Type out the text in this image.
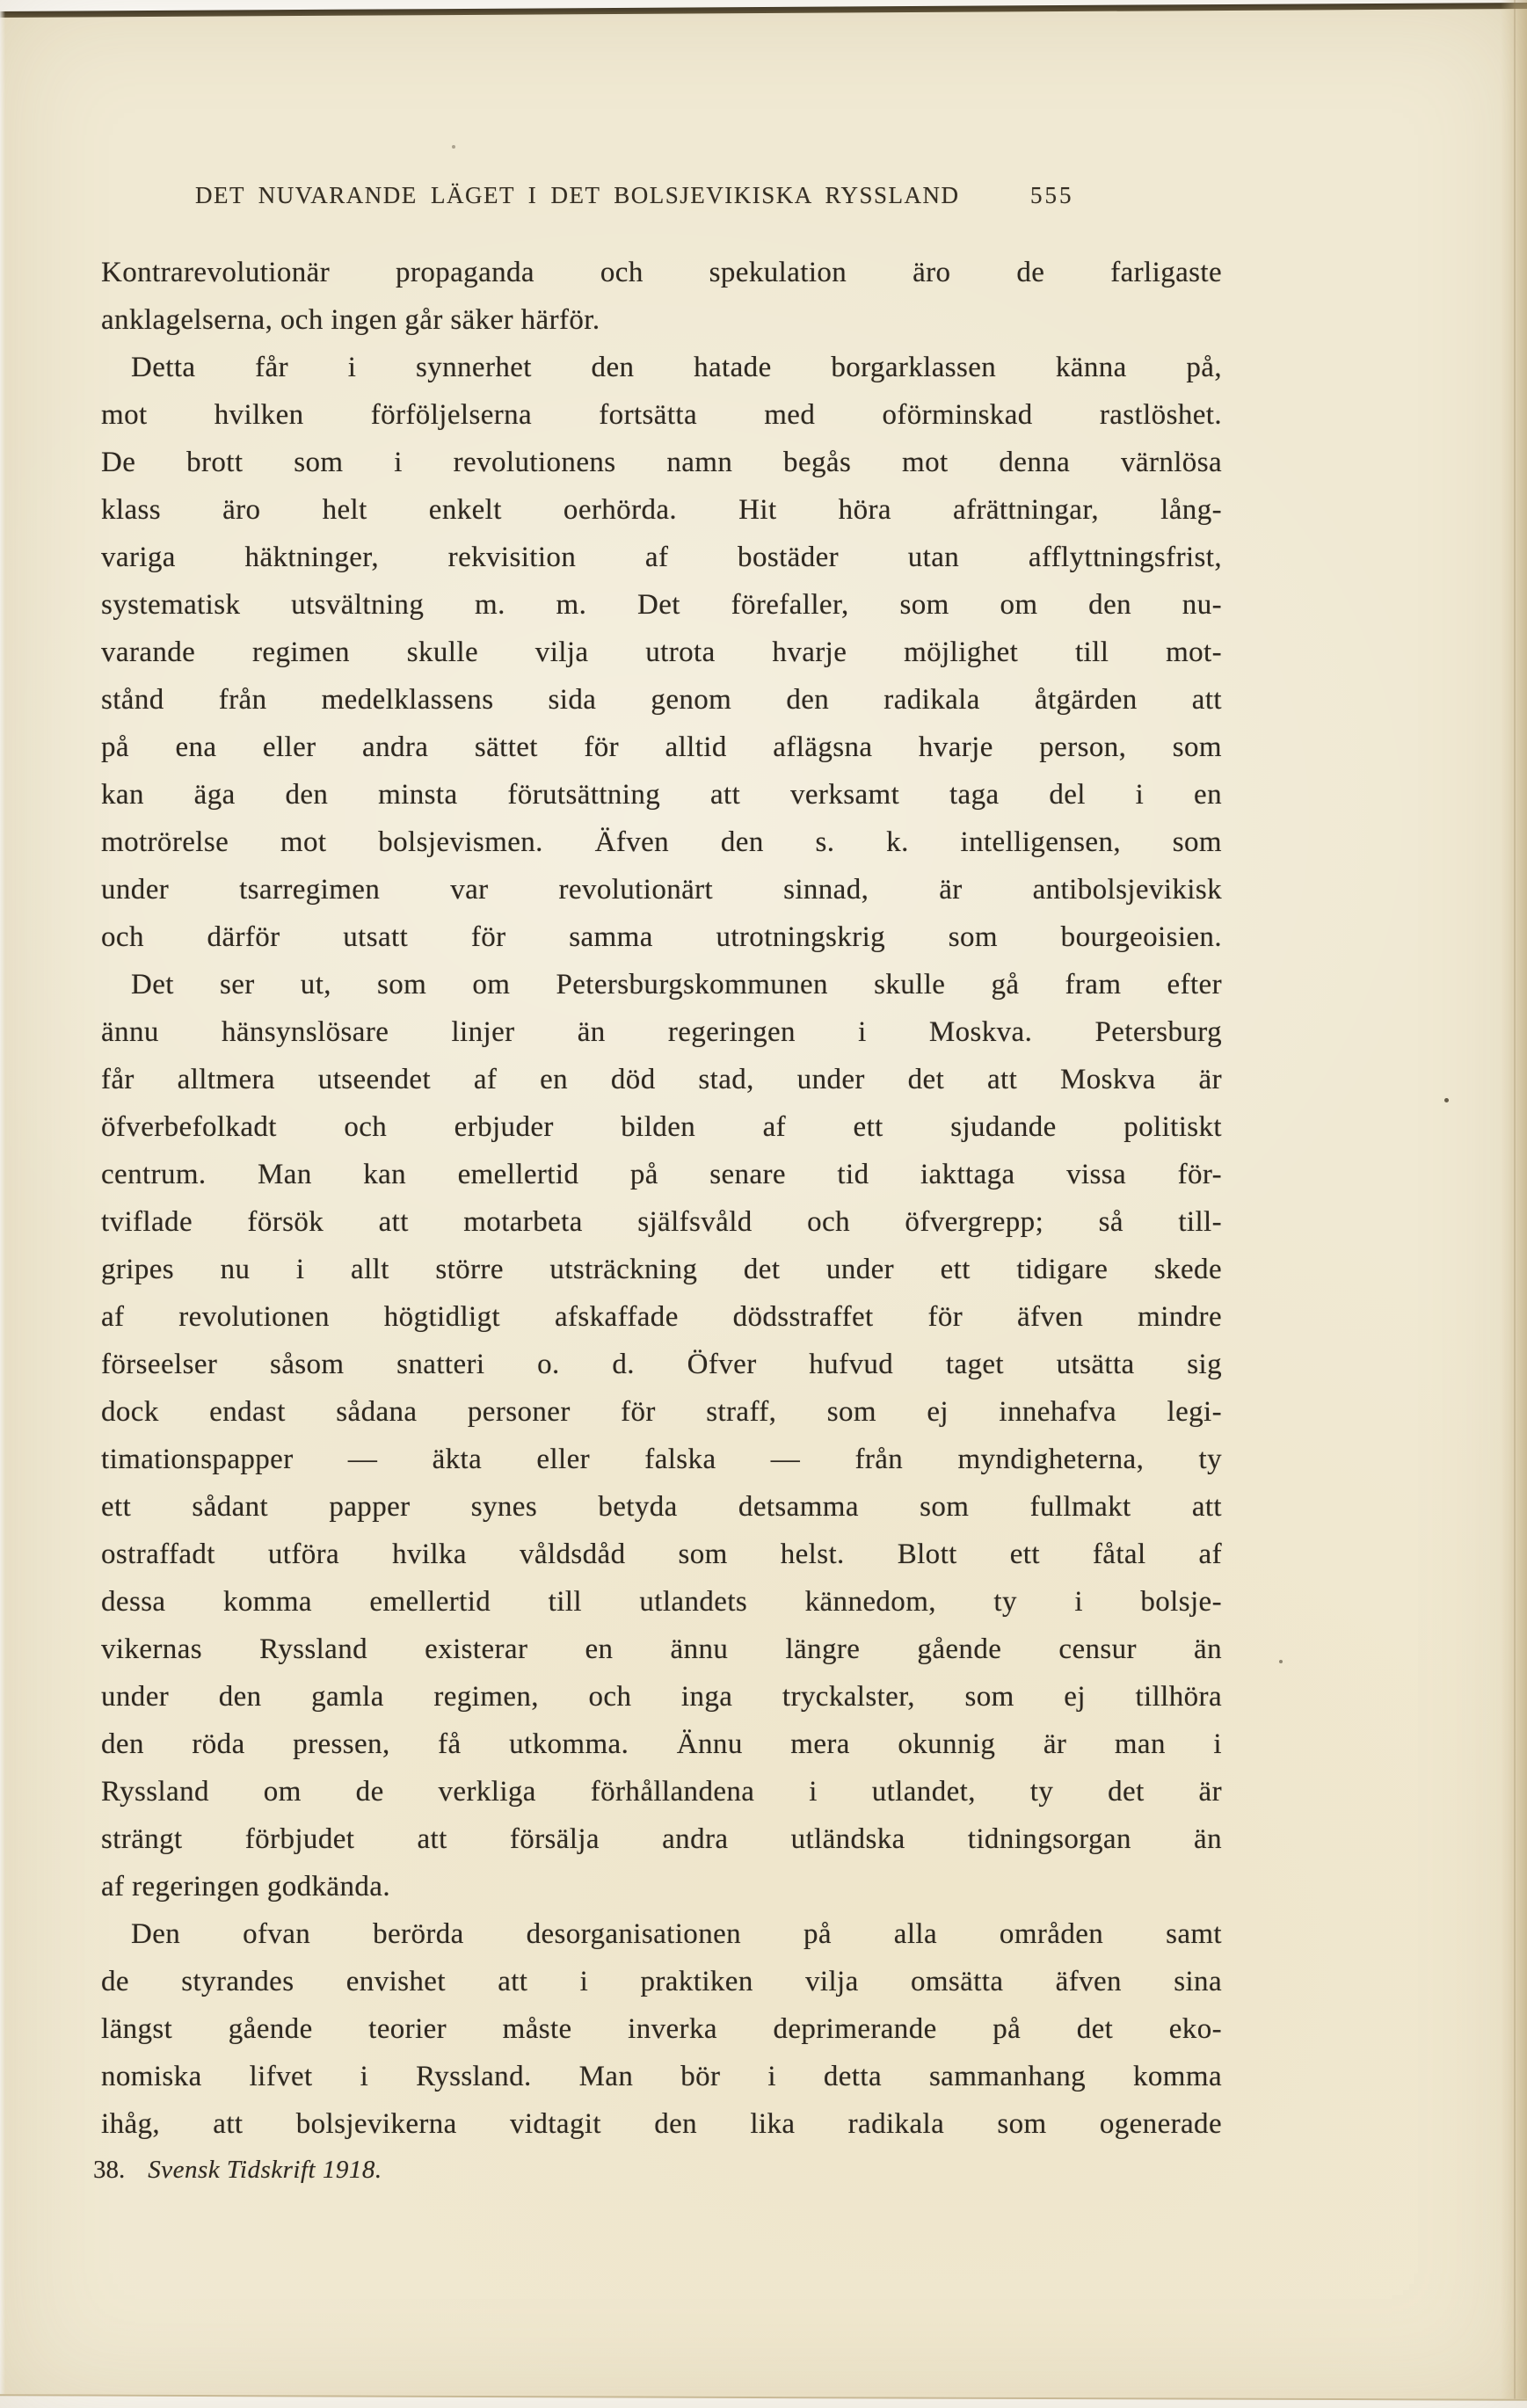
DET NUVARANDE LÄGET I DET BOLSJEVIKISKA RYSSLAND	555
Kontrarevolutionär propaganda och spekulation äro de farligaste
anklagelserna, och ingen går säker härför.
Detta får i synnerhet den hatade borgarklassen känna på,
mot hvilken förföljelserna fortsätta med oförminskad rastlöshet.
De brott som i revolutionens namn begås mot denna värnlösa
klass äro helt enkelt oerhörda. Hit höra afrättningar, lång-
variga häktninger, rekvisition af bostäder utan afflyttningsfrist,
systematisk utsvältning m. m. Det förefaller, som om den nu-
varande regimen skulle vilja utrota hvarje möjlighet till mot-
stånd från medelklassens sida genom den radikala åtgärden att
på ena eller andra sättet för alltid aflägsna hvarje person, som
kan äga den minsta förutsättning att verksamt taga del i en
motrörelse mot bolsjevismen. Äfven den s. k. intelligensen, som
under tsarregimen var revolutionärt sinnad, är antibolsjevikisk
och därför utsatt för samma utrotningskrig som bourgeoisien.
Det ser ut, som om Petersburgskommunen skulle gå fram efter
ännu hänsynslösare linjer än regeringen i Moskva. Petersburg
får alltmera utseendet af en död stad, under det att Moskva är
öfverbefolkadt och erbjuder bilden af ett sjudande politiskt
centrum. Man kan emellertid på senare tid iakttaga vissa för-
tviflade försök att motarbeta själfsvåld och öfvergrepp; så till-
gripes nu i allt större utsträckning det under ett tidigare skede
af revolutionen högtidligt afskaffade dödsstraffet för äfven mindre
förseelser såsom snatteri o. d. Öfver hufvud taget utsätta sig
dock endast sådana personer för straff, som ej innehafva legi-
timationspapper — äkta eller falska — från myndigheterna, ty
ett sådant papper synes betyda detsamma som fullmakt att
ostraffadt utföra hvilka våldsdåd som helst. Blott ett fåtal af
dessa komma emellertid till utlandets kännedom, ty i bolsje-
vikernas Ryssland existerar en ännu längre gående censur än
under den gamla regimen, och inga tryckalster, som ej tillhöra
den röda pressen, få utkomma. Ännu mera okunnig är man i
Ryssland om de verkliga förhållandena i utlandet, ty det är
strängt förbjudet att försälja andra utländska tidningsorgan än
af regeringen godkända.
Den ofvan berörda desorganisationen på alla områden samt
de styrandes envishet att i praktiken vilja omsätta äfven sina
längst gående teorier måste inverka deprimerande på det eko-
nomiska lifvet i Ryssland. Man bör i detta sammanhang komma
ihåg, att bolsjevikerna vidtagit den lika radikala som ogenerade
38. Svensk Tidskrift 1918.
